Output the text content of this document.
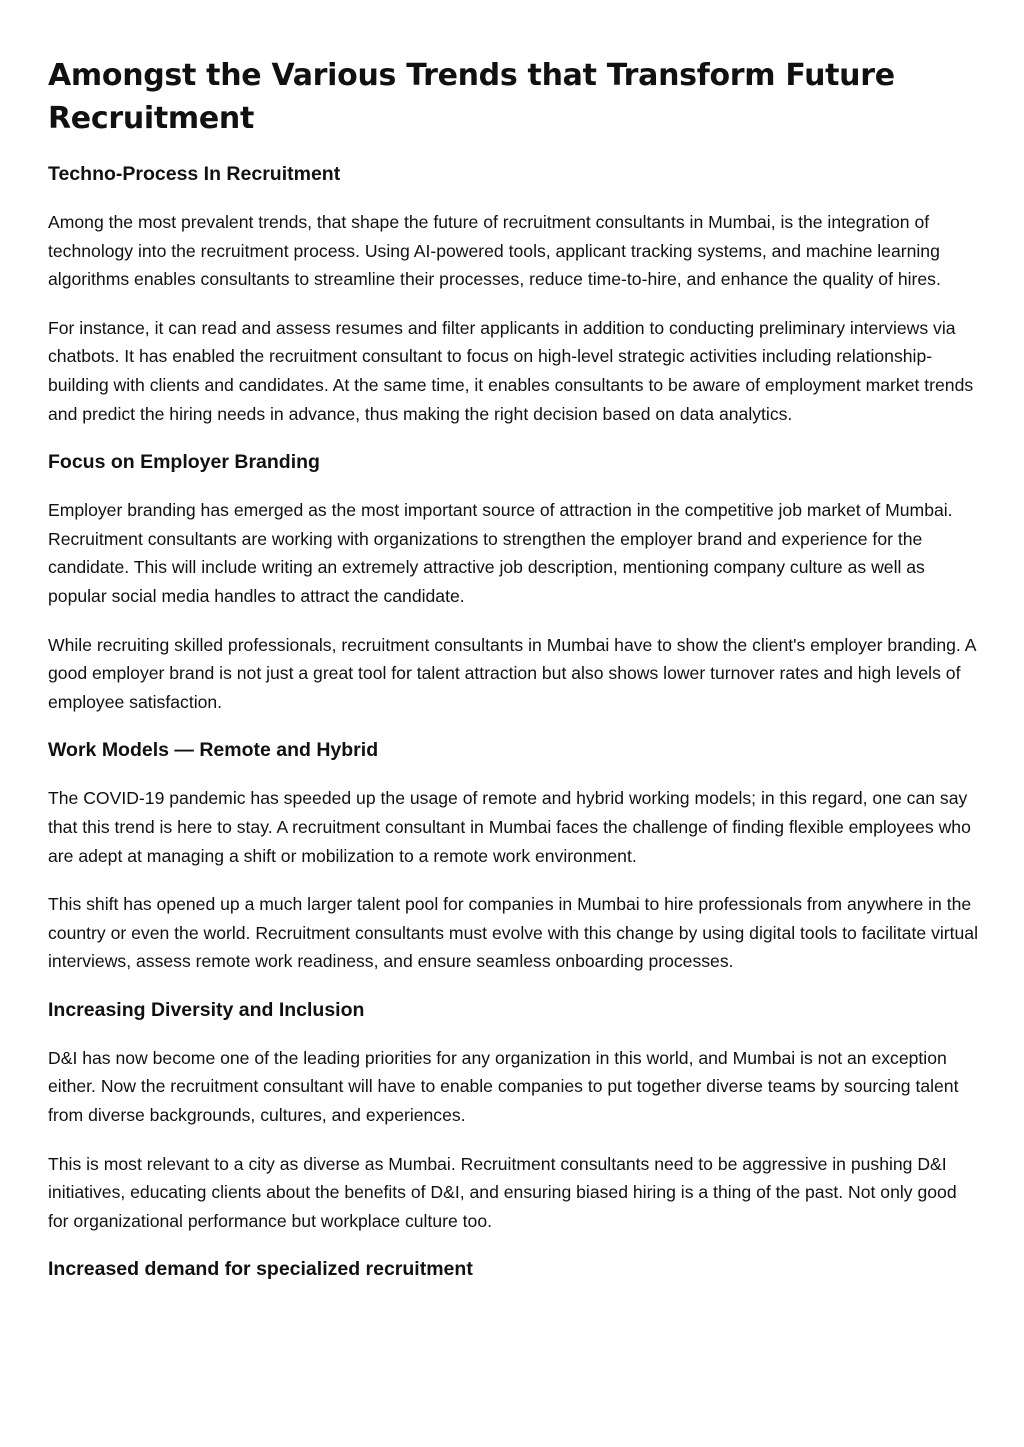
Amongst the Various Trends that Transform Future Recruitment
Techno-Process In Recruitment

Among the most prevalent trends, that shape the future of recruitment consultants in Mumbai, is the integration of technology into the recruitment process. Using AI-powered tools, applicant tracking systems, and machine learning algorithms enables consultants to streamline their processes, reduce time-to-hire, and enhance the quality of hires.

For instance, it can read and assess resumes and filter applicants in addition to conducting preliminary interviews via chatbots. It has enabled the recruitment consultant to focus on high-level strategic activities including relationship-building with clients and candidates. At the same time, it enables consultants to be aware of employment market trends and predict the hiring needs in advance, thus making the right decision based on data analytics.

Focus on Employer Branding

Employer branding has emerged as the most important source of attraction in the competitive job market of Mumbai. Recruitment consultants are working with organizations to strengthen the employer brand and experience for the candidate. This will include writing an extremely attractive job description, mentioning company culture as well as popular social media handles to attract the candidate.

While recruiting skilled professionals, recruitment consultants in Mumbai have to show the client's employer branding. A good employer brand is not just a great tool for talent attraction but also shows lower turnover rates and high levels of employee satisfaction.

Work Models — Remote and Hybrid

The COVID-19 pandemic has speeded up the usage of remote and hybrid working models; in this regard, one can say that this trend is here to stay. A recruitment consultant in Mumbai faces the challenge of finding flexible employees who are adept at managing a shift or mobilization to a remote work environment.

This shift has opened up a much larger talent pool for companies in Mumbai to hire professionals from anywhere in the country or even the world. Recruitment consultants must evolve with this change by using digital tools to facilitate virtual interviews, assess remote work readiness, and ensure seamless onboarding processes.

Increasing Diversity and Inclusion

D&I has now become one of the leading priorities for any organization in this world, and Mumbai is not an exception either. Now the recruitment consultant will have to enable companies to put together diverse teams by sourcing talent from diverse backgrounds, cultures, and experiences.

This is most relevant to a city as diverse as Mumbai. Recruitment consultants need to be aggressive in pushing D&I initiatives, educating clients about the benefits of D&I, and ensuring biased hiring is a thing of the past. Not only good for organizational performance but workplace culture too.

Increased demand for specialized recruitment
